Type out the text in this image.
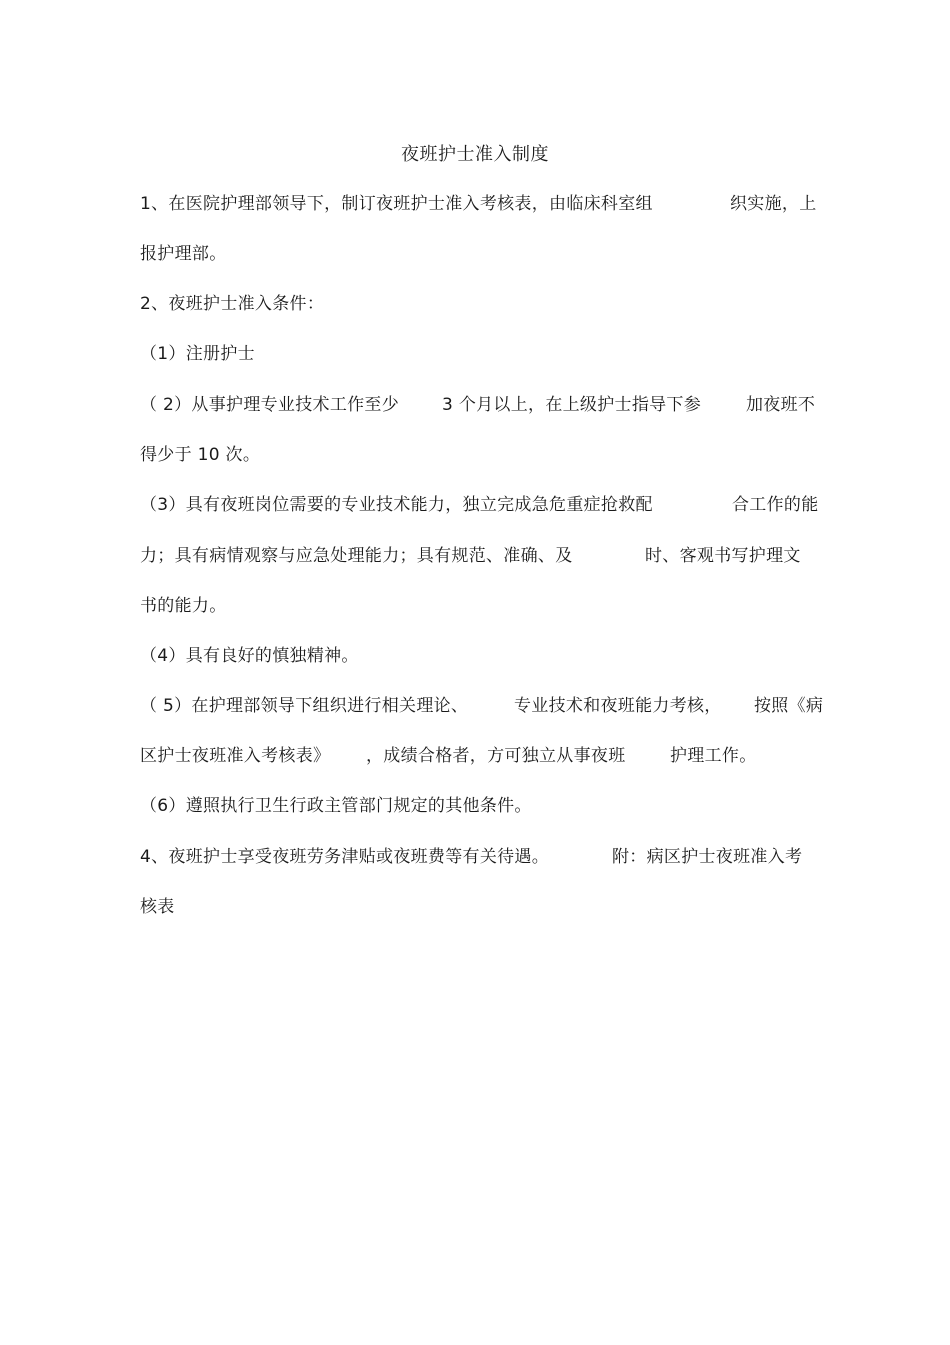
夜班护士准入制度
1、在医院护理部领导下，制订夜班护士准入考核表，由临床科室组	织实施，上
报护理部。
2、夜班护士准入条件：
（1）注册护士
（ 2）从事护理专业技术工作至少	3 个月以上，在上级护士指导下参	加夜班不
得少于 10 次。
（3）具有夜班岗位需要的专业技术能力，独立完成急危重症抢救配	合工作的能
力；具有病情观察与应急处理能力；具有规范、准确、及	时、客观书写护理文
书的能力。
（4）具有良好的慎独精神。
（ 5）在护理部领导下组织进行相关理论、	专业技术和夜班能力考核， 按照《病
区护士夜班准入考核表》 ，成绩合格者，方可独立从事夜班	护理工作。
（6）遵照执行卫生行政主管部门规定的其他条件。
4、夜班护士享受夜班劳务津贴或夜班费等有关待遇。	附：病区护士夜班准入考
核表
